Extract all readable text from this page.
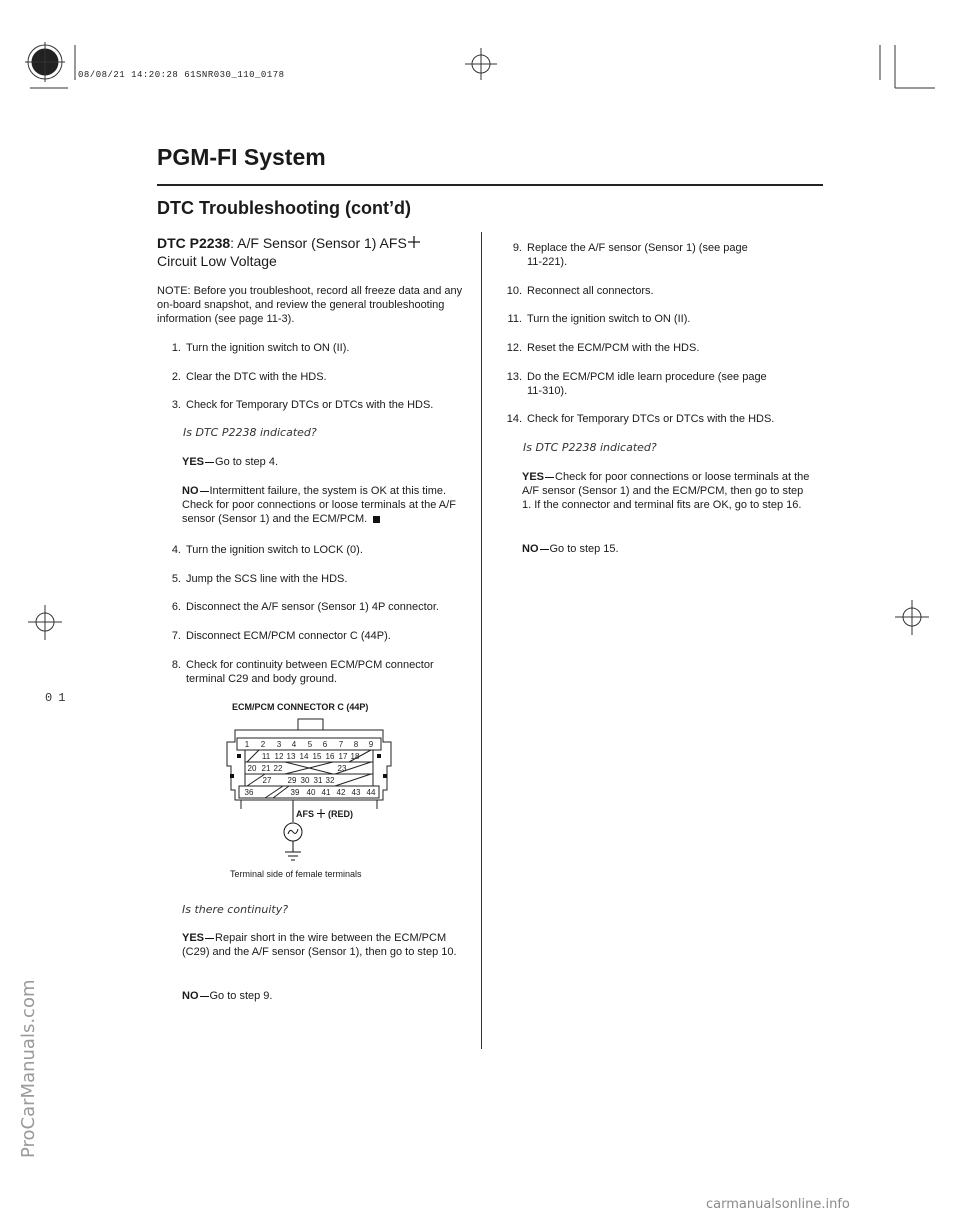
08/08/21 14:20:28 61SNR030_110_0178
ProCarManuals.com
carmanualsonline.info
01
PGM-FI System
DTC Troubleshooting (cont’d)
DTC P2238: A/F Sensor (Sensor 1) AFS
Circuit Low Voltage
NOTE: Before you troubleshoot, record all freeze data and any on-board snapshot, and review the general troubleshooting information (see page 11-3).
1. Turn the ignition switch to ON (II).
2. Clear the DTC with the HDS.
3. Check for Temporary DTCs or DTCs with the HDS.
Is DTC P2238 indicated?
YES Go to step 4.
NO Intermittent failure, the system is OK at this time. Check for poor connections or loose terminals at the A/F sensor (Sensor 1) and the ECM/PCM.
4. Turn the ignition switch to LOCK (0).
5. Jump the SCS line with the HDS.
6. Disconnect the A/F sensor (Sensor 1) 4P connector.
7. Disconnect ECM/PCM connector C (44P).
8. Check for continuity between ECM/PCM connector
terminal C29 and body ground.
ECM/PCM CONNECTOR C (44P)
1 2 3 4 5 6 7 8 9
11 12 13 14 15 16 17 18
20 21 22	23
27 29 30 31 32
36	39 40 41 42 43 44
AFS (RED)
Terminal side of female terminals
Is there continuity?
YES Repair short in the wire between the ECM/PCM (C29) and the A/F sensor (Sensor 1), then go to step 10.
NO Go to step 9.
9. Replace the A/F sensor (Sensor 1) (see page
11-221).
10. Reconnect all connectors.
11. Turn the ignition switch to ON (II).
12. Reset the ECM/PCM with the HDS.
13. Do the ECM/PCM idle learn procedure (see page
11-310).
14. Check for Temporary DTCs or DTCs with the HDS.
Is DTC P2238 indicated?
YES Check for poor connections or loose terminals at the A/F sensor (Sensor 1) and the ECM/PCM, then go to step 1. If the connector and terminal fits are OK, go to step 16.
NO Go to step 15.
